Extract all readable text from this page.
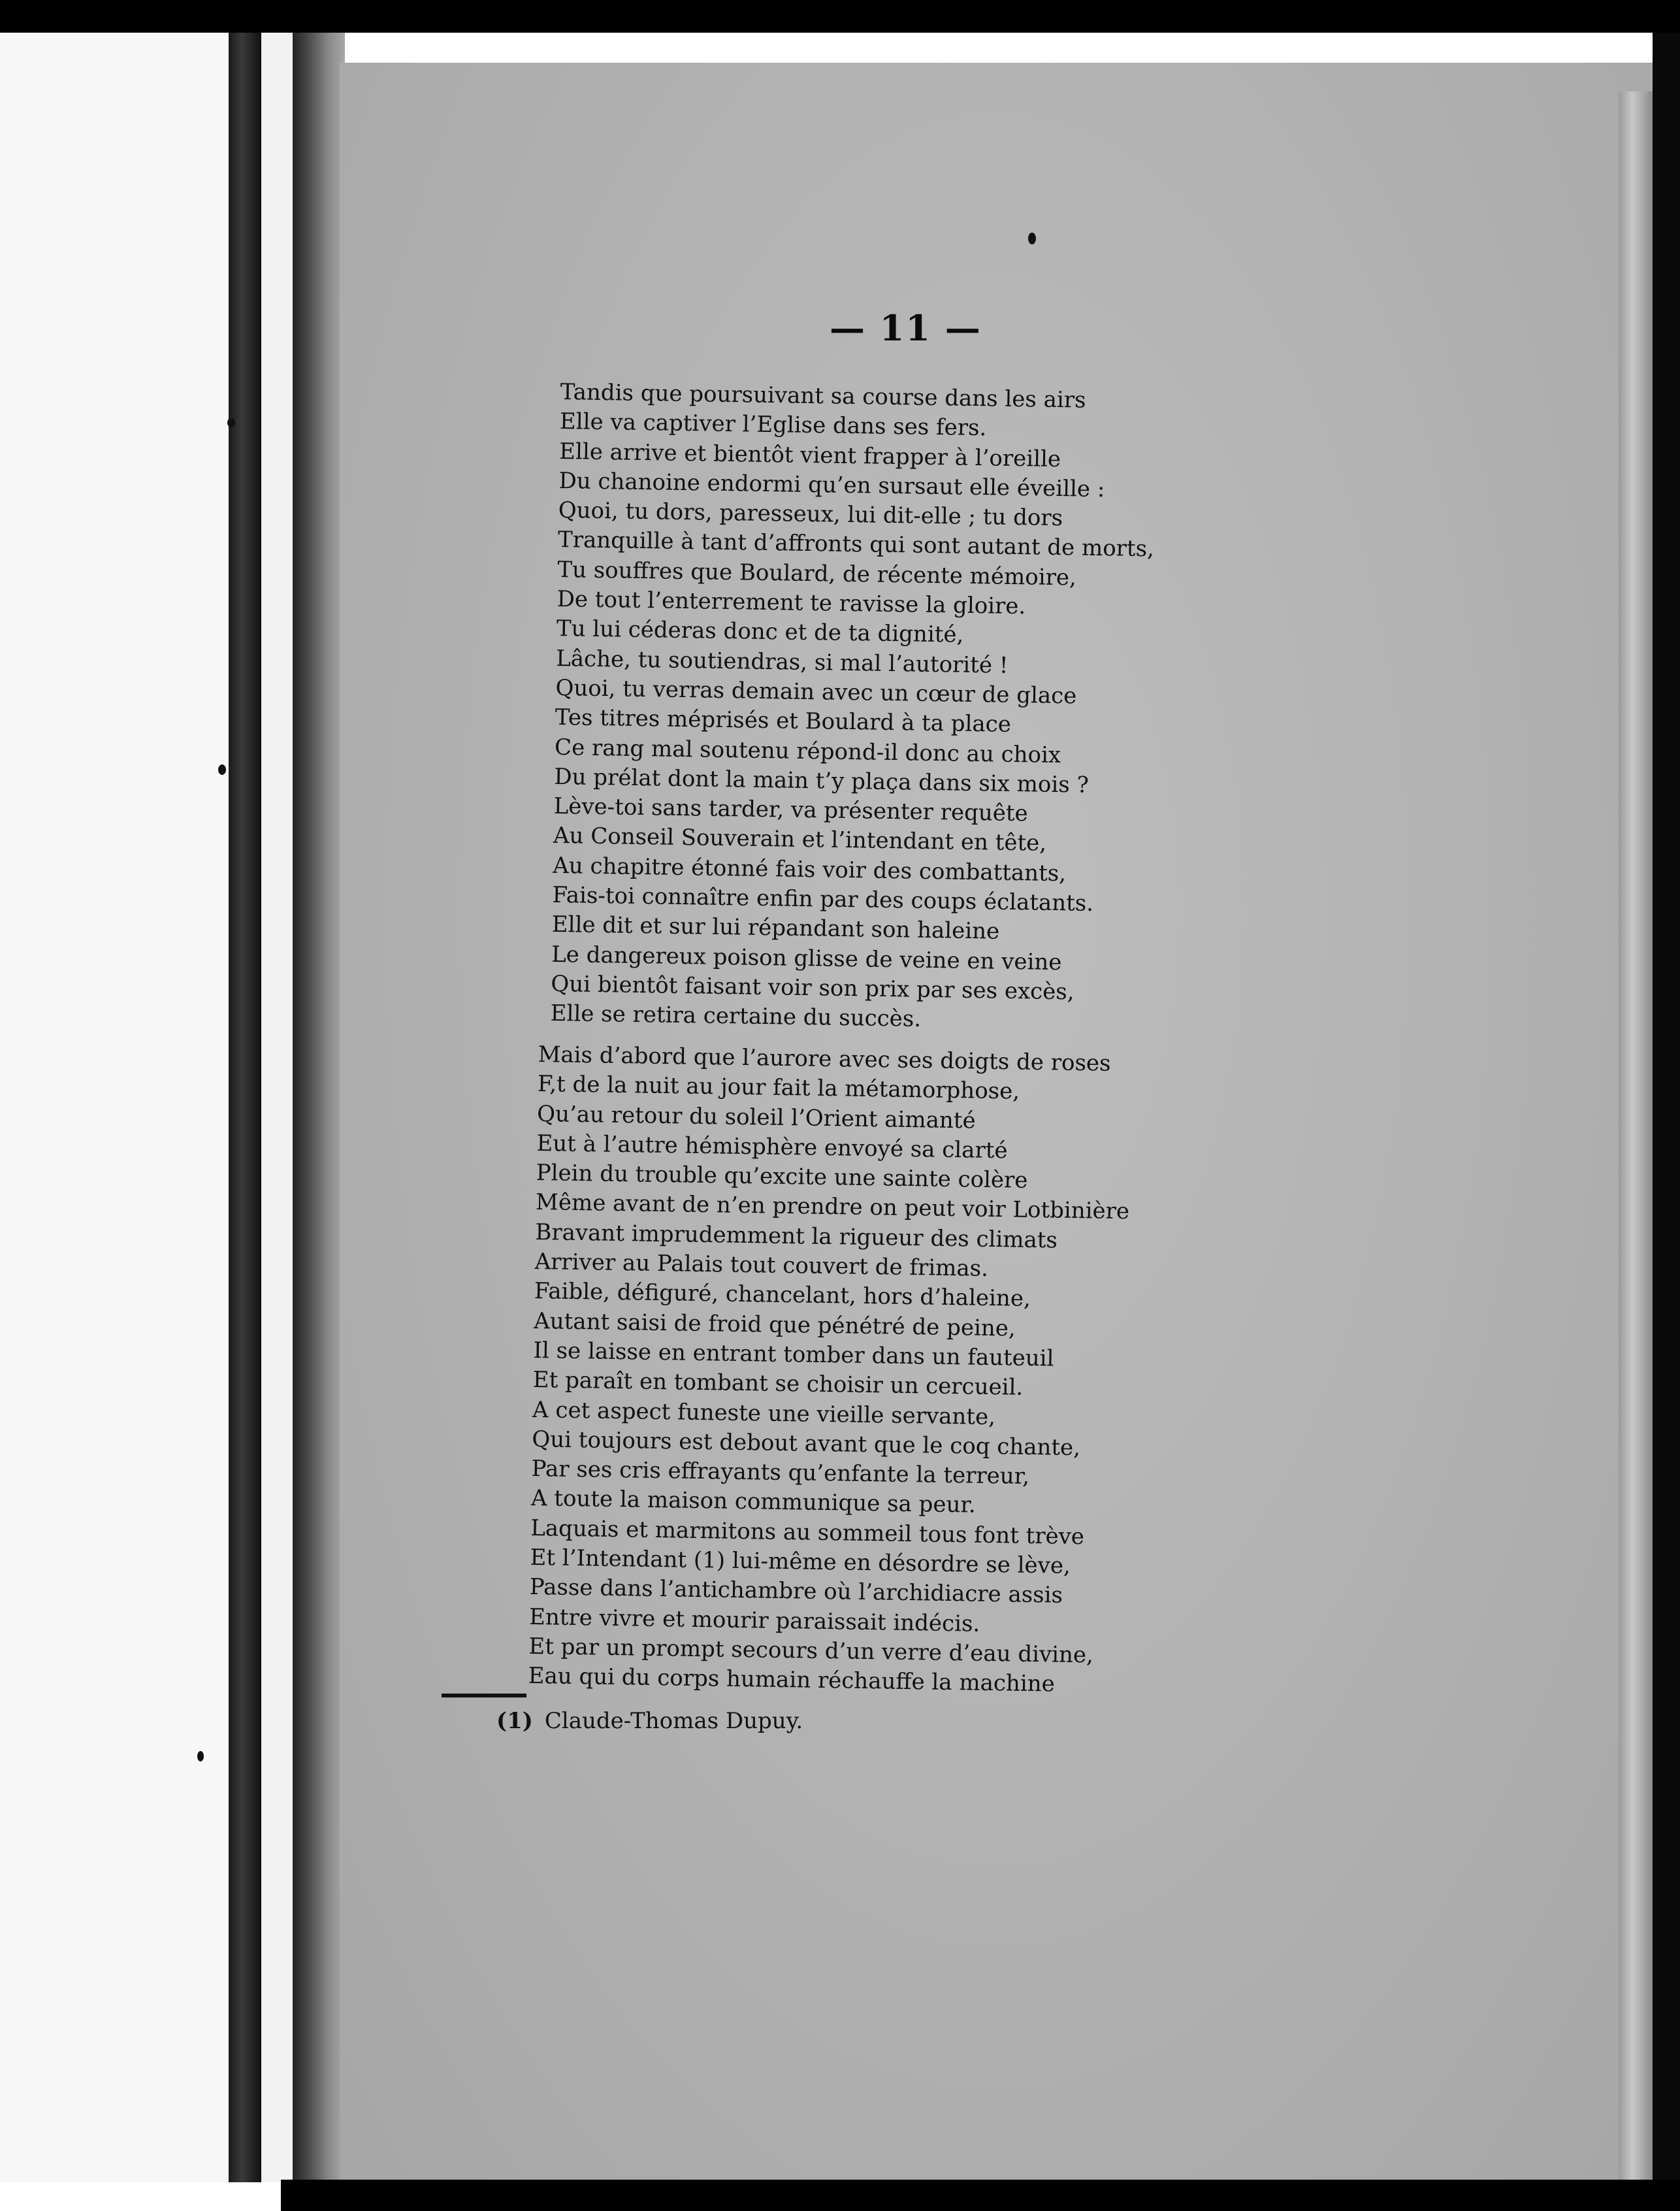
— 11 —
Tandis que poursuivant sa course dans les airs
Elle va captiver l’Eglise dans ses fers.
Elle arrive et bientôt vient frapper à l’oreille
Du chanoine endormi qu’en sursaut elle éveille :
Quoi, tu dors, paresseux, lui dit-elle ; tu dors
Tranquille à tant d’affronts qui sont autant de morts,
Tu souffres que Boulard, de récente mémoire,
De tout l’enterrement te ravisse la gloire.
Tu lui céderas donc et de ta dignité,
Lâche, tu soutiendras, si mal l’autorité !
Quoi, tu verras demain avec un cœur de glace
Tes titres méprisés et Boulard à ta place
Ce rang mal soutenu répond-il donc au choix
Du prélat dont la main t’y plaça dans six mois ?
Lève-toi sans tarder, va présenter requête
Au Conseil Souverain et l’intendant en tête,
Au chapitre étonné fais voir des combattants,
Fais-toi connaître enfin par des coups éclatants.
Elle dit et sur lui répandant son haleine
Le dangereux poison glisse de veine en veine
Qui bientôt faisant voir son prix par ses excès,
Elle se retira certaine du succès.
Mais d’abord que l’aurore avec ses doigts de roses
F,t de la nuit au jour fait la métamorphose,
Qu’au retour du soleil l’Orient aimanté
Eut à l’autre hémisphère envoyé sa clarté
Plein du trouble qu’excite une sainte colère
Même avant de n’en prendre on peut voir Lotbinière
Bravant imprudemment la rigueur des climats
Arriver au Palais tout couvert de frimas.
Faible, défiguré, chancelant, hors d’haleine,
Autant saisi de froid que pénétré de peine,
Il se laisse en entrant tomber dans un fauteuil
Et paraît en tombant se choisir un cercueil.
A cet aspect funeste une vieille servante,
Qui toujours est debout avant que le coq chante,
Par ses cris effrayants qu’enfante la terreur,
A toute la maison communique sa peur.
Laquais et marmitons au sommeil tous font trève
Et l’Intendant (1) lui-même en désordre se lève,
Passe dans l’antichambre où l’archidiacre assis
Entre vivre et mourir paraissait indécis.
Et par un prompt secours d’un verre d’eau divine,
Eau qui du corps humain réchauffe la machine
(1) Claude-Thomas Dupuy.
